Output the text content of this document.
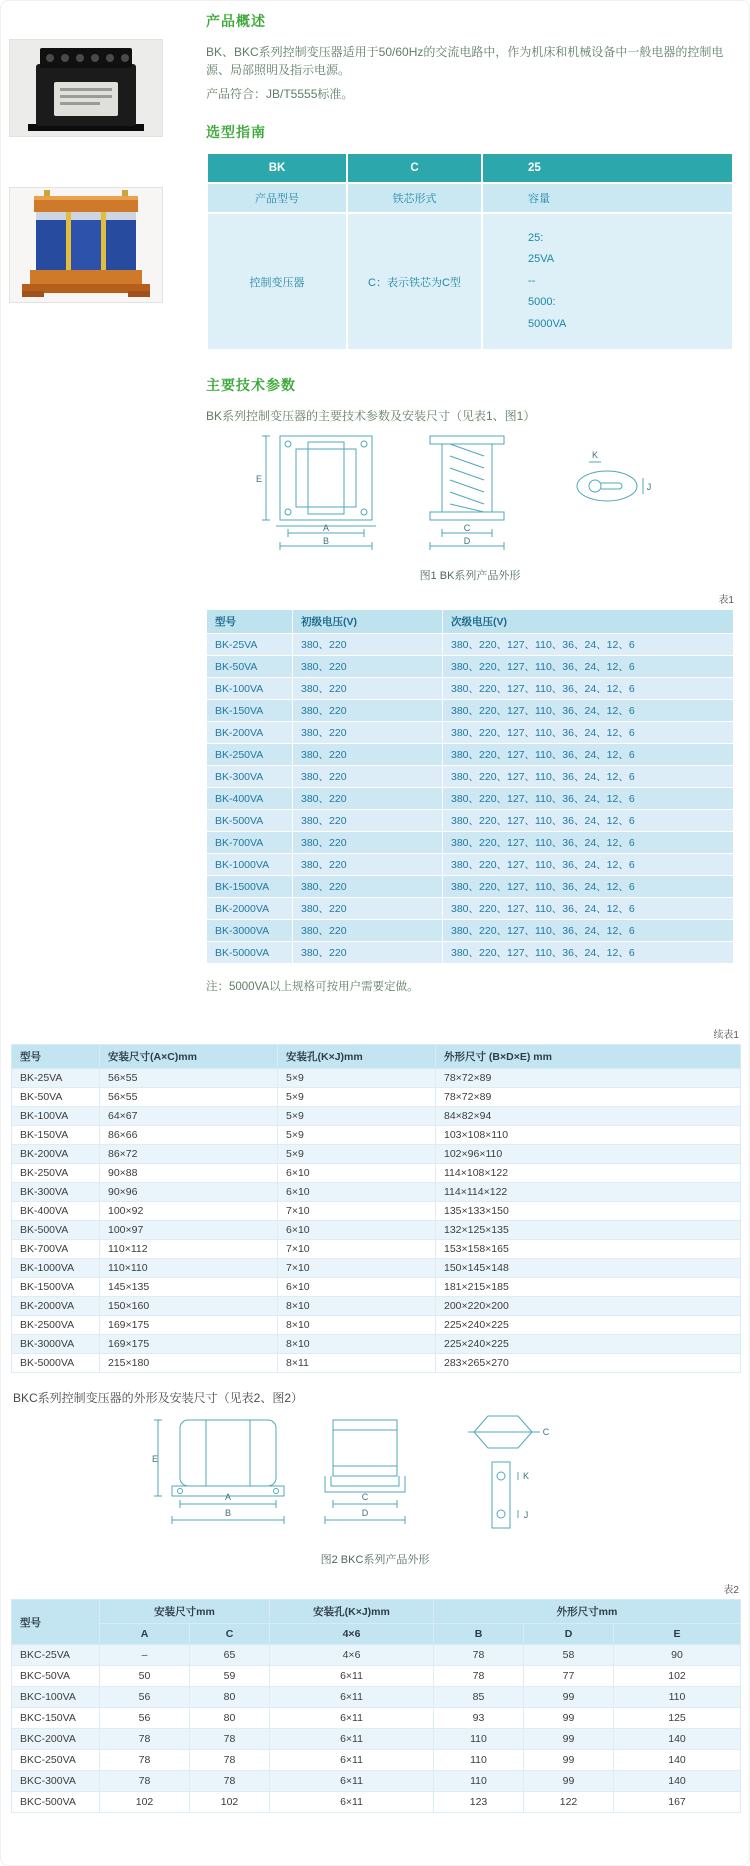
产品概述

BK、BKC系列控制变压器适用于50/60Hz的交流电路中，作为机床和机械设备中一般电器的控制电源、局部照明及指示电源。

产品符合：JB/T5555标准。

选型指南
BK	C	25
产品型号	铁芯形式	容量
控制变压器	C：表示铁芯为C型	25:
25VA
--
5000:
5000VA
主要技术参数

BK系列控制变压器的主要技术参数及安装尺寸（见表1、图1）

E
A
B
C
D
K
J
图1 BK系列产品外形
表1
型号	初级电压(V)	次级电压(V)
BK-25VA	380、220	380、220、127、110、36、24、12、6
BK-50VA	380、220	380、220、127、110、36、24、12、6
BK-100VA	380、220	380、220、127、110、36、24、12、6
BK-150VA	380、220	380、220、127、110、36、24、12、6
BK-200VA	380、220	380、220、127、110、36、24、12、6
BK-250VA	380、220	380、220、127、110、36、24、12、6
BK-300VA	380、220	380、220、127、110、36、24、12、6
BK-400VA	380、220	380、220、127、110、36、24、12、6
BK-500VA	380、220	380、220、127、110、36、24、12、6
BK-700VA	380、220	380、220、127、110、36、24、12、6
BK-1000VA	380、220	380、220、127、110、36、24、12、6
BK-1500VA	380、220	380、220、127、110、36、24、12、6
BK-2000VA	380、220	380、220、127、110、36、24、12、6
BK-3000VA	380、220	380、220、127、110、36、24、12、6
BK-5000VA	380、220	380、220、127、110、36、24、12、6

注：5000VA以上规格可按用户需要定做。

续表1
型号	安装尺寸(A×C)mm	安装孔(K×J)mm	外形尺寸 (B×D×E) mm
BK-25VA	56×55	5×9	78×72×89
BK-50VA	56×55	5×9	78×72×89
BK-100VA	64×67	5×9	84×82×94
BK-150VA	86×66	5×9	103×108×110
BK-200VA	86×72	5×9	102×96×110
BK-250VA	90×88	6×10	114×108×122
BK-300VA	90×96	6×10	114×114×122
BK-400VA	100×92	7×10	135×133×150
BK-500VA	100×97	6×10	132×125×135
BK-700VA	110×112	7×10	153×158×165
BK-1000VA	110×110	7×10	150×145×148
BK-1500VA	145×135	6×10	181×215×185
BK-2000VA	150×160	8×10	200×220×200
BK-2500VA	169×175	8×10	225×240×225
BK-3000VA	169×175	8×10	225×240×225
BK-5000VA	215×180	8×11	283×265×270

BKC系列控制变压器的外形及安装尺寸（见表2、图2）

E
A
B
C
D
C
K
J
图2 BKC系列产品外形
表2
型号	安装尺寸mm		安装孔(K×J)mm	外形尺寸mm		
	A	C	4×6	B	D	E
BKC-25VA	–	65	4×6	78	58	90
BKC-50VA	50	59	6×11	78	77	102
BKC-100VA	56	80	6×11	85	99	110
BKC-150VA	56	80	6×11	93	99	125
BKC-200VA	78	78	6×11	110	99	140
BKC-250VA	78	78	6×11	110	99	140
BKC-300VA	78	78	6×11	110	99	140
BKC-500VA	102	102	6×11	123	122	167
